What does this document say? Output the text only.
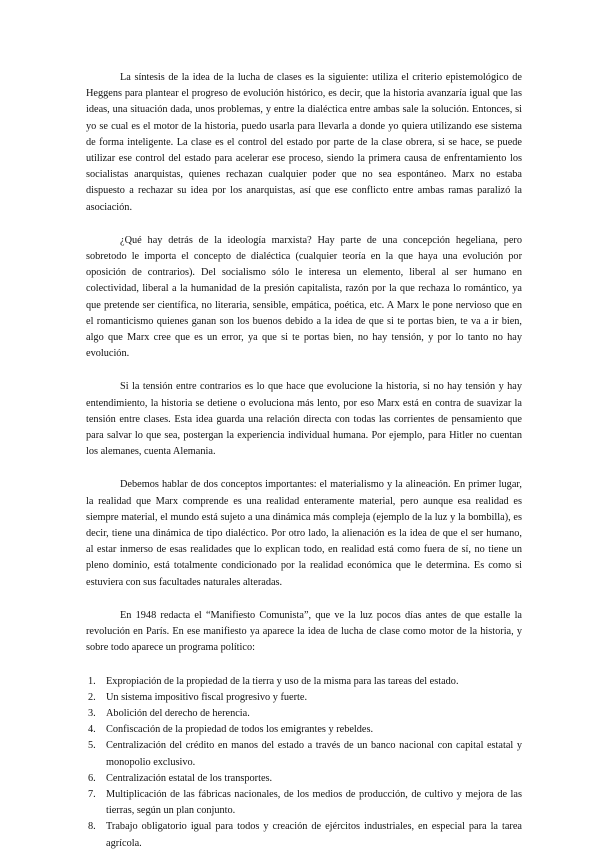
La síntesis de la idea de la lucha de clases es la siguiente: utiliza el criterio epistemológico de Heggens para plantear el progreso de evolución histórico, es decir, que la historia avanzaría igual que las ideas, una situación dada, unos problemas, y entre la dialéctica entre ambas sale la solución. Entonces, si yo se cual es el motor de la historia, puedo usarla para llevarla a donde yo quiera utilizando ese sistema de forma inteligente. La clase es el control del estado por parte de la clase obrera, si se hace, se puede utilizar ese control del estado para acelerar ese proceso, siendo la primera causa de enfrentamiento los socialistas anarquistas, quienes rechazan cualquier poder que no sea espontáneo. Marx no estaba dispuesto a rechazar su idea por los anarquistas, así que ese conflicto entre ambas ramas paralizó la asociación.

¿Qué hay detrás de la ideología marxista? Hay parte de una concepción hegeliana, pero sobretodo le importa el concepto de dialéctica (cualquier teoría en la que haya una evolución por oposición de contrarios). Del socialismo sólo le interesa un elemento, liberal al ser humano en colectividad, liberal a la humanidad de la presión capitalista, razón por la que rechaza lo romántico, ya que pretende ser científica, no literaria, sensible, empática, poética, etc. A Marx le pone nervioso que en el romanticismo quienes ganan son los buenos debido a la idea de que si te portas bien, te va a ir bien, algo que Marx cree que es un error, ya que si te portas bien, no hay tensión, y por lo tanto no hay evolución.

Si la tensión entre contrarios es lo que hace que evolucione la historia, si no hay tensión y hay entendimiento, la historia se detiene o evoluciona más lento, por eso Marx está en contra de suavizar la tensión entre clases. Esta idea guarda una relación directa con todas las corrientes de pensamiento que para salvar lo que sea, postergan la experiencia individual humana. Por ejemplo, para Hitler no cuentan los alemanes, cuenta Alemania.

Debemos hablar de dos conceptos importantes: el materialismo y la alineación. En primer lugar, la realidad que Marx comprende es una realidad enteramente material, pero aunque esa realidad es siempre material, el mundo está sujeto a una dinámica más compleja (ejemplo de la luz y la bombilla), es decir, tiene una dinámica de tipo dialéctico. Por otro lado, la alienación es la idea de que el ser humano, al estar inmerso de esas realidades que lo explican todo, en realidad está como fuera de sí, no tiene un pleno dominio, está totalmente condicionado por la realidad económica que le determina. Es como si estuviera con sus facultades naturales alteradas.

En 1948 redacta el “Manifiesto Comunista”, que ve la luz pocos días antes de que estalle la revolución en París. En ese manifiesto ya aparece la idea de lucha de clase como motor de la historia, y sobre todo aparece un programa político:

1. Expropiación de la propiedad de la tierra y uso de la misma para las tareas del estado.
2. Un sistema impositivo fiscal progresivo y fuerte.
3. Abolición del derecho de herencia.
4. Confiscación de la propiedad de todos los emigrantes y rebeldes.
5. Centralización del crédito en manos del estado a través de un banco nacional con capital estatal y monopolio exclusivo.
6. Centralización estatal de los transportes.
7. Multiplicación de las fábricas nacionales, de los medios de producción, de cultivo y mejora de las tierras, según un plan conjunto.
8. Trabajo obligatorio igual para todos y creación de ejércitos industriales, en especial para la tarea agrícola.
